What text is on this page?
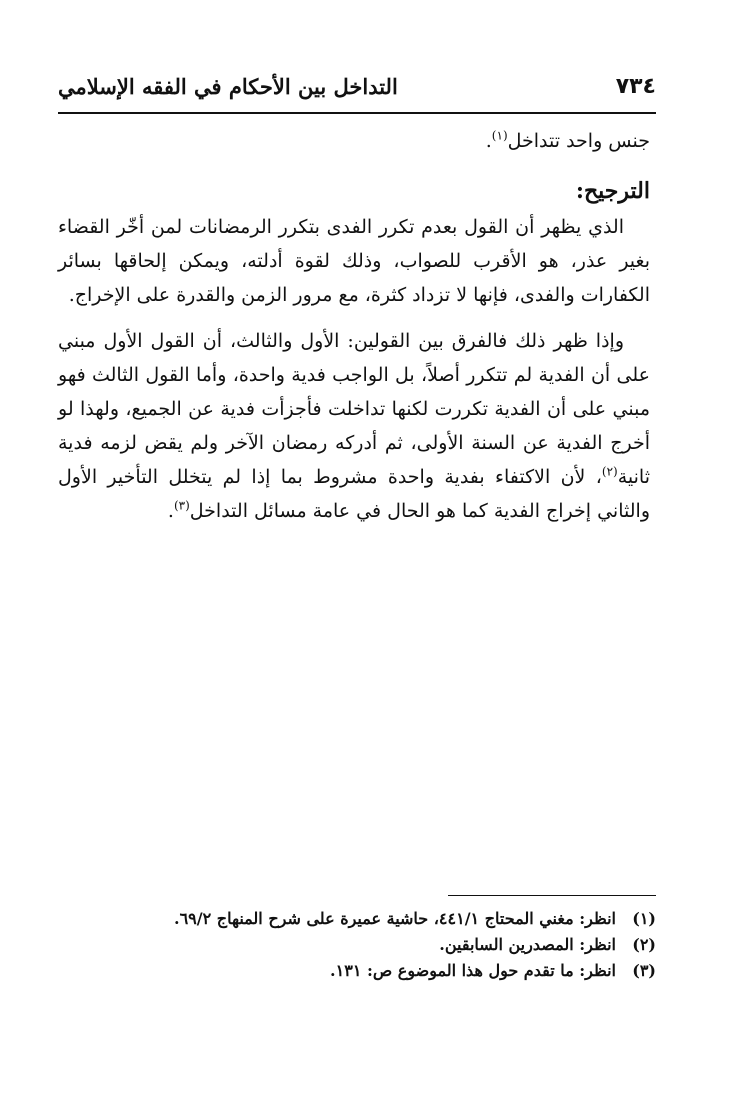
٧٣٤
التداخل بين الأحكام في الفقه الإسلامي

جنس واحد تتداخل$^{(١)}$.

الترجيح:

الذي يظهر أن القول بعدم تكرر الفدى بتكرر الرمضانات لمن أخّر القضاء بغير عذر، هو الأقرب للصواب، وذلك لقوة أدلته، ويمكن إلحاقها بسائر الكفارات والفدى، فإنها لا تزداد كثرة، مع مرور الزمن والقدرة على الإخراج.

وإذا ظهر ذلك فالفرق بين القولين: الأول والثالث، أن القول الأول مبني على أن الفدية لم تتكرر أصلاً، بل الواجب فدية واحدة، وأما القول الثالث فهو مبني على أن الفدية تكررت لكنها تداخلت فأجزأت فدية عن الجميع، ولهذا لو أخرج الفدية عن السنة الأولى، ثم أدركه رمضان الآخر ولم يقض لزمه فدية ثانية$^{(٢)}$، لأن الاكتفاء بفدية واحدة مشروط بما إذا لم يتخلل التأخير الأول والثاني إخراج الفدية كما هو الحال في عامة مسائل التداخل$^{(٣)}$.

(١)انظر: مغني المحتاج ٤٤١/١، حاشية عميرة على شرح المنهاج ٦٩/٢.
(٢)انظر: المصدرين السابقين.
(٣)انظر: ما تقدم حول هذا الموضوع ص: ١٣١.
